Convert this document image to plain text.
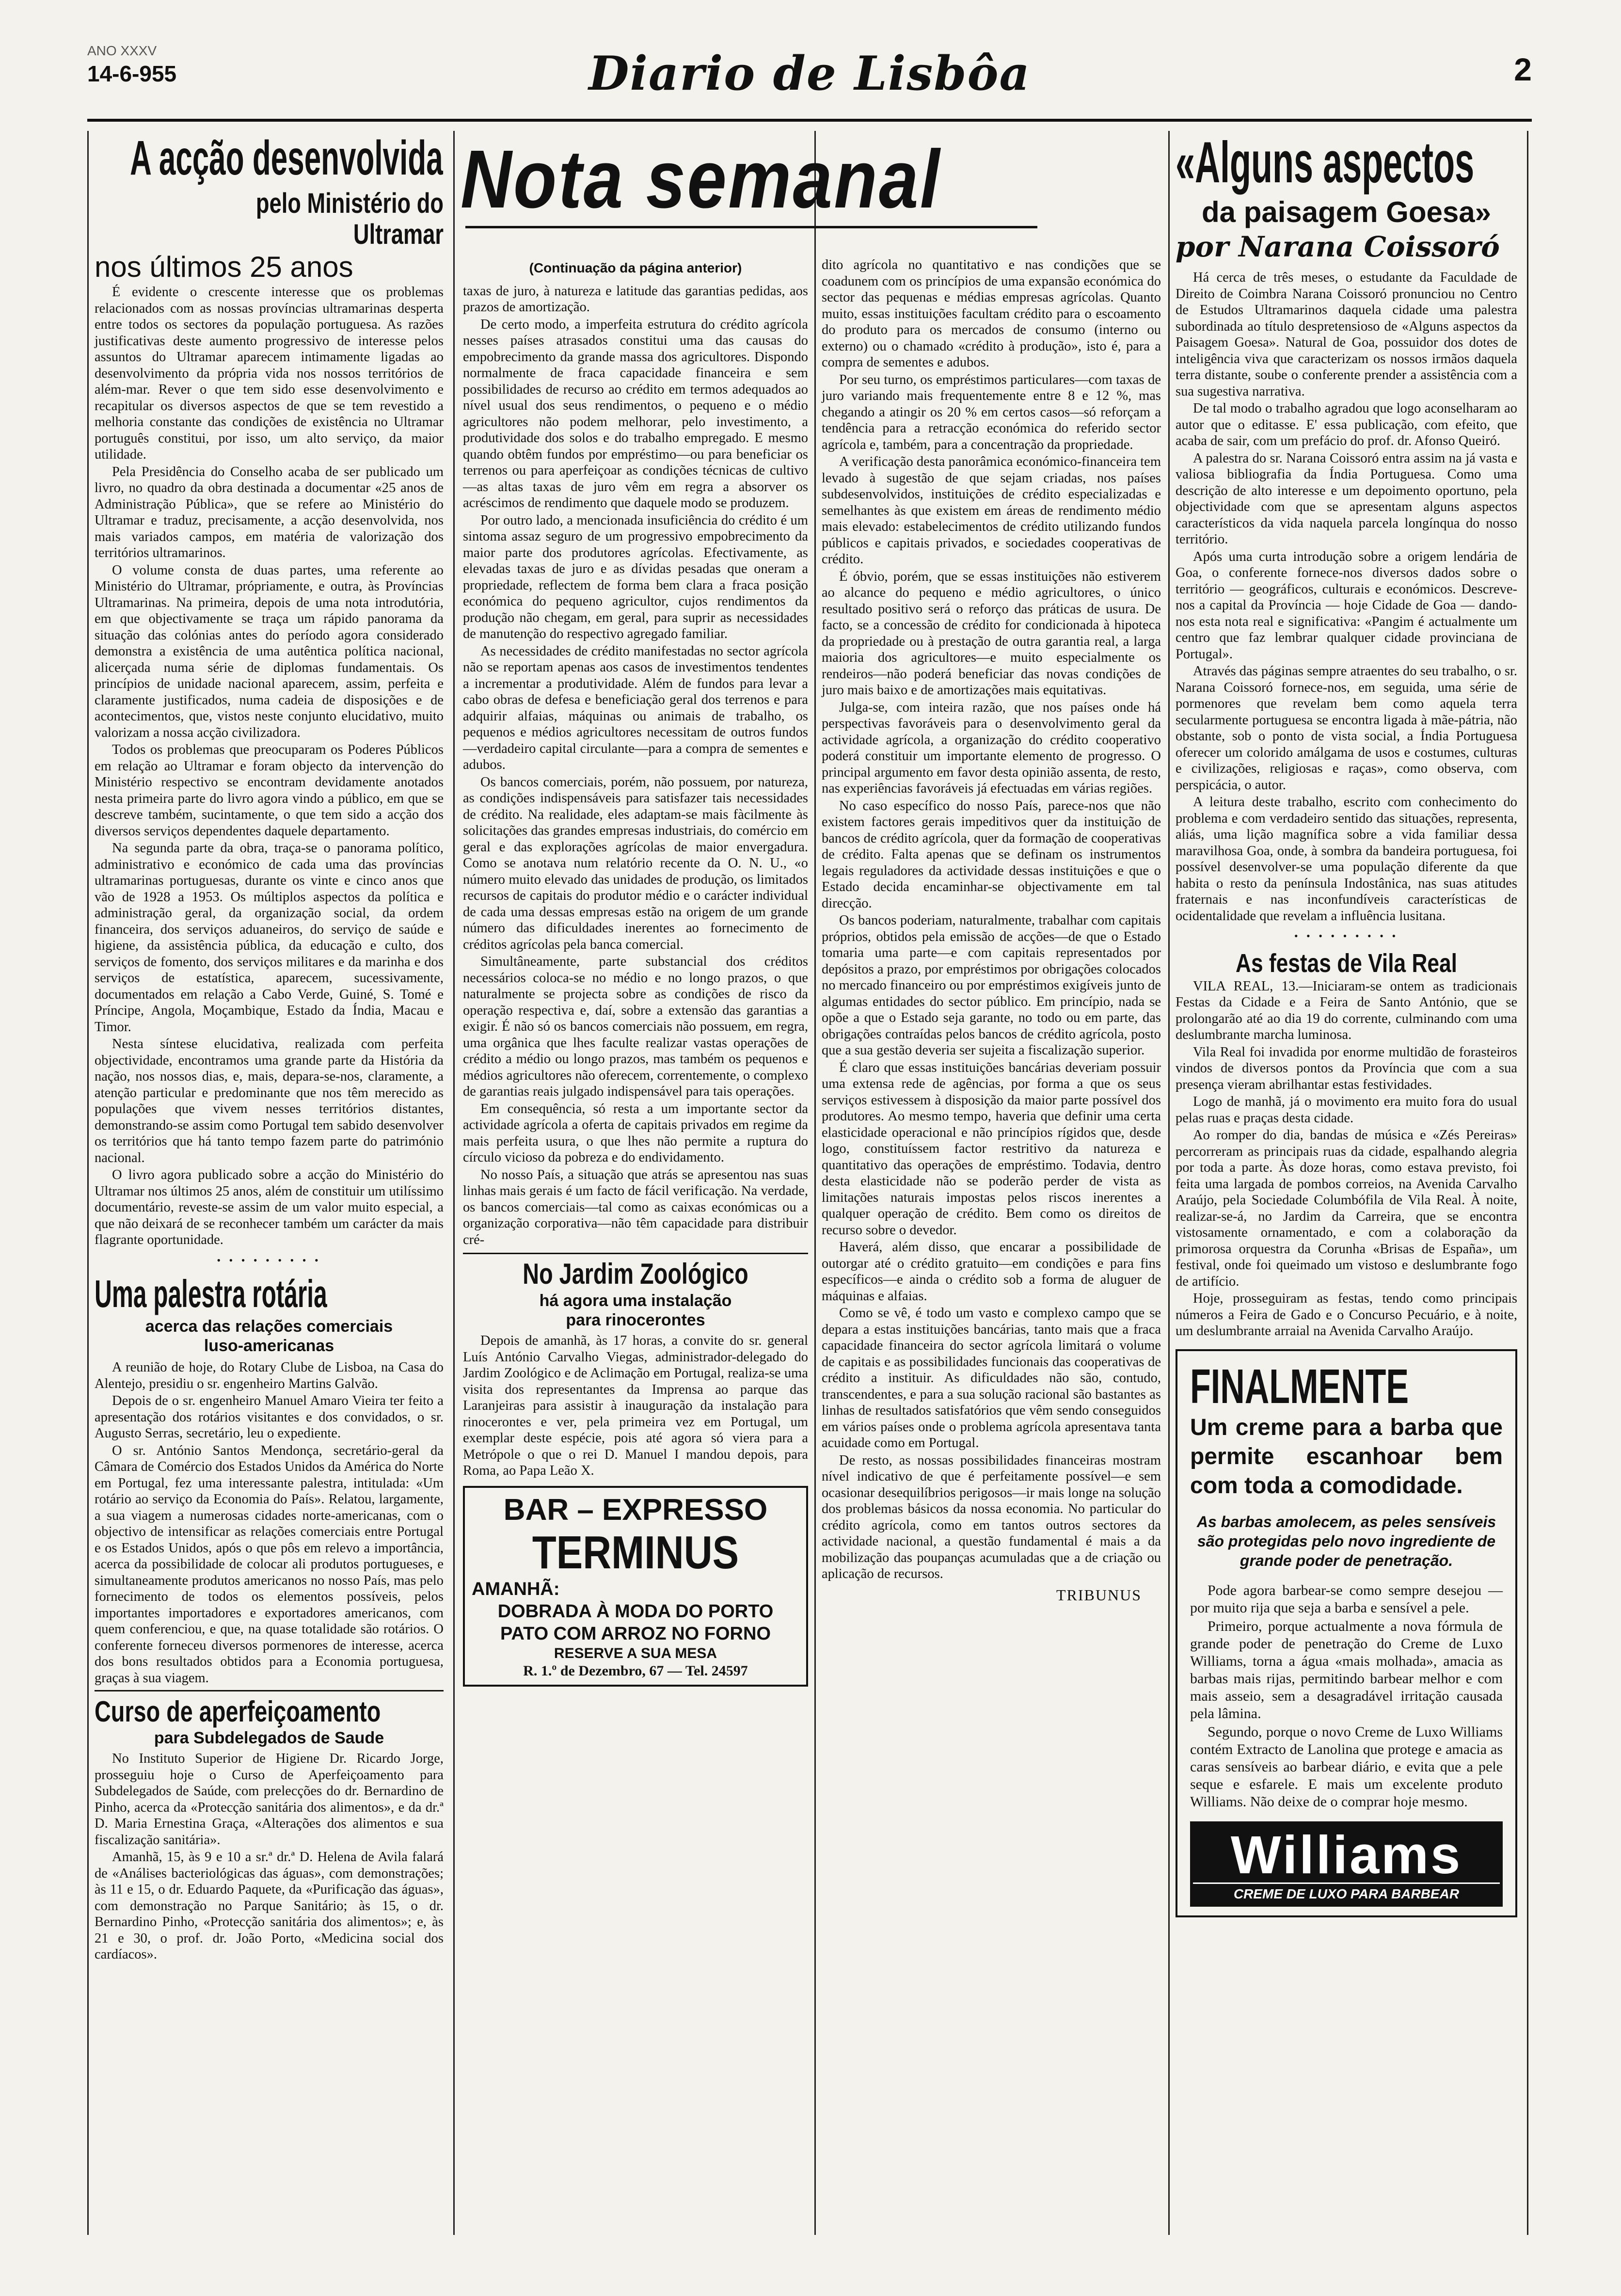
ANO XXXV
14-6-955	Diario de Lisbôa	2
A acção desenvolvida
pelo Ministério do Ultramar
nos últimos 25 anos

É evidente o crescente interesse que os problemas relacionados com as nossas províncias ultramarinas desperta entre todos os sectores da população portuguesa. As razões justificativas deste aumento progressivo de interesse pelos assuntos do Ultramar aparecem intimamente ligadas ao desenvolvimento da própria vida nos nossos territórios de além-mar. Rever o que tem sido esse desenvolvimento e recapitular os diversos aspectos de que se tem revestido a melhoria constante das condições de existência no Ultramar português constitui, por isso, um alto serviço, da maior utilidade.

Pela Presidência do Conselho acaba de ser publicado um livro, no quadro da obra destinada a documentar «25 anos de Administração Pública», que se refere ao Ministério do Ultramar e traduz, precisamente, a acção desenvolvida, nos mais variados campos, em matéria de valorização dos territórios ultramarinos.

O volume consta de duas partes, uma referente ao Ministério do Ultramar, própriamente, e outra, às Províncias Ultramarinas. Na primeira, depois de uma nota introdutória, em que objectivamente se traça um rápido panorama da situação das colónias antes do período agora considerado demonstra a existência de uma autêntica política nacional, alicerçada numa série de diplomas fundamentais. Os princípios de unidade nacional aparecem, assim, perfeita e claramente justificados, numa cadeia de disposições e de acontecimentos, que, vistos neste conjunto elucidativo, muito valorizam a nossa acção civilizadora.

Todos os problemas que preocuparam os Poderes Públicos em relação ao Ultramar e foram objecto da intervenção do Ministério respectivo se encontram devidamente anotados nesta primeira parte do livro agora vindo a público, em que se descreve também, sucintamente, o que tem sido a acção dos diversos serviços dependentes daquele departamento.

Na segunda parte da obra, traça-se o panorama político, administrativo e económico de cada uma das províncias ultramarinas portuguesas, durante os vinte e cinco anos que vão de 1928 a 1953. Os múltiplos aspectos da política e administração geral, da organização social, da ordem financeira, dos serviços aduaneiros, do serviço de saúde e higiene, da assistência pública, da educação e culto, dos serviços de fomento, dos serviços militares e da marinha e dos serviços de estatística, aparecem, sucessivamente, documentados em relação a Cabo Verde, Guiné, S. Tomé e Príncipe, Angola, Moçambique, Estado da Índia, Macau e Timor.

Nesta síntese elucidativa, realizada com perfeita objectividade, encontramos uma grande parte da História da nação, nos nossos dias, e, mais, depara-se-nos, claramente, a atenção particular e predominante que nos têm merecido as populações que vivem nesses territórios distantes, demonstrando-se assim como Portugal tem sabido desenvolver os territórios que há tanto tempo fazem parte do património nacional.

O livro agora publicado sobre a acção do Ministério do Ultramar nos últimos 25 anos, além de constituir um utilíssimo documentário, reveste-se assim de um valor muito especial, a que não deixará de se reconhecer também um carácter da mais flagrante oportunidade.

• • • • • • • • •
Uma palestra rotária
acerca das relações comerciais
luso-americanas

A reunião de hoje, do Rotary Clube de Lisboa, na Casa do Alentejo, presidiu o sr. engenheiro Martins Galvão.

Depois de o sr. engenheiro Manuel Amaro Vieira ter feito a apresentação dos rotários visitantes e dos convidados, o sr. Augusto Serras, secretário, leu o expediente.

O sr. António Santos Mendonça, secretário-geral da Câmara de Comércio dos Estados Unidos da América do Norte em Portugal, fez uma interessante palestra, intitulada: «Um rotário ao serviço da Economia do País». Relatou, largamente, a sua viagem a numerosas cidades norte-americanas, com o objectivo de intensificar as relações comerciais entre Portugal e os Estados Unidos, após o que pôs em relevo a importância, acerca da possibilidade de colocar ali produtos portugueses, e simultaneamente produtos americanos no nosso País, mas pelo fornecimento de todos os elementos possíveis, pelos importantes importadores e exportadores americanos, com quem conferenciou, e que, na quase totalidade são rotários. O conferente forneceu diversos pormenores de interesse, acerca dos bons resultados obtidos para a Economia portuguesa, graças à sua viagem.

Curso de aperfeiçoamento
para Subdelegados de Saude

No Instituto Superior de Higiene Dr. Ricardo Jorge, prosseguiu hoje o Curso de Aperfeiçoamento para Subdelegados de Saúde, com prelecções do dr. Bernardino de Pinho, acerca da «Protecção sanitária dos alimentos», e da dr.ª D. Maria Ernestina Graça, «Alterações dos alimentos e sua fiscalização sanitária».

Amanhã, 15, às 9 e 10 a sr.ª dr.ª D. Helena de Avila falará de «Análises bacteriológicas das águas», com demonstrações; às 11 e 15, o dr. Eduardo Paquete, da «Purificação das águas», com demonstração no Parque Sanitário; às 15, o dr. Bernardino Pinho, «Protecção sanitária dos alimentos»; e, às 21 e 30, o prof. dr. João Porto, «Medicina social dos cardíacos».

Nota semanal
(Continuação da página anterior)

taxas de juro, à natureza e latitude das garantias pedidas, aos prazos de amortização.

De certo modo, a imperfeita estrutura do crédito agrícola nesses países atrasados constitui uma das causas do empobrecimento da grande massa dos agricultores. Dispondo normalmente de fraca capacidade financeira e sem possibilidades de recurso ao crédito em termos adequados ao nível usual dos seus rendimentos, o pequeno e o médio agricultores não podem melhorar, pelo investimento, a produtividade dos solos e do trabalho empregado. E mesmo quando obtêm fundos por empréstimo—ou para beneficiar os terrenos ou para aperfeiçoar as condições técnicas de cultivo—as altas taxas de juro vêm em regra a absorver os acréscimos de rendimento que daquele modo se produzem.

Por outro lado, a mencionada insuficiência do crédito é um sintoma assaz seguro de um progressivo empobrecimento da maior parte dos produtores agrícolas. Efectivamente, as elevadas taxas de juro e as dívidas pesadas que oneram a propriedade, reflectem de forma bem clara a fraca posição económica do pequeno agricultor, cujos rendimentos da produção não chegam, em geral, para suprir as necessidades de manutenção do respectivo agregado familiar.

As necessidades de crédito manifestadas no sector agrícola não se reportam apenas aos casos de investimentos tendentes a incrementar a produtividade. Além de fundos para levar a cabo obras de defesa e beneficiação geral dos terrenos e para adquirir alfaias, máquinas ou animais de trabalho, os pequenos e médios agricultores necessitam de outros fundos—verdadeiro capital circulante—para a compra de sementes e adubos.

Os bancos comerciais, porém, não possuem, por natureza, as condições indispensáveis para satisfazer tais necessidades de crédito. Na realidade, eles adaptam-se mais fàcilmente às solicitações das grandes empresas industriais, do comércio em geral e das explorações agrícolas de maior envergadura. Como se anotava num relatório recente da O. N. U., «o número muito elevado das unidades de produção, os limitados recursos de capitais do produtor médio e o carácter individual de cada uma dessas empresas estão na origem de um grande número das dificuldades inerentes ao fornecimento de créditos agrícolas pela banca comercial.

Simultâneamente, parte substancial dos créditos necessários coloca-se no médio e no longo prazos, o que naturalmente se projecta sobre as condições de risco da operação respectiva e, daí, sobre a extensão das garantias a exigir. É não só os bancos comerciais não possuem, em regra, uma orgânica que lhes faculte realizar vastas operações de crédito a médio ou longo prazos, mas também os pequenos e médios agricultores não oferecem, correntemente, o complexo de garantias reais julgado indispensável para tais operações.

Em consequência, só resta a um importante sector da actividade agrícola a oferta de capitais privados em regime da mais perfeita usura, o que lhes não permite a ruptura do círculo vicioso da pobreza e do endividamento.

No nosso País, a situação que atrás se apresentou nas suas linhas mais gerais é um facto de fácil verificação. Na verdade, os bancos comerciais—tal como as caixas económicas ou a organização corporativa—não têm capacidade para distribuir cré-

No Jardim Zoológico
há agora uma instalação
para rinocerontes

Depois de amanhã, às 17 horas, a convite do sr. general Luís António Carvalho Viegas, administrador-delegado do Jardim Zoológico e de Aclimação em Portugal, realiza-se uma visita dos representantes da Imprensa ao parque das Laranjeiras para assistir à inauguração da instalação para rinocerontes e ver, pela primeira vez em Portugal, um exemplar deste espécie, pois até agora só viera para a Metrópole o que o rei D. Manuel I mandou depois, para Roma, ao Papa Leão X.

BAR – EXPRESSO
TERMINUS
AMANHÃ:
DOBRADA À MODA DO PORTO
PATO COM ARROZ NO FORNO
RESERVE A SUA MESA
R. 1.º de Dezembro, 67 — Tel. 24597

dito agrícola no quantitativo e nas condições que se coadunem com os princípios de uma expansão económica do sector das pequenas e médias empresas agrícolas. Quanto muito, essas instituições facultam crédito para o escoamento do produto para os mercados de consumo (interno ou externo) ou o chamado «crédito à produção», isto é, para a compra de sementes e adubos.

Por seu turno, os empréstimos particulares—com taxas de juro variando mais frequentemente entre 8 e 12 %, mas chegando a atingir os 20 % em certos casos—só reforçam a tendência para a retracção económica do referido sector agrícola e, também, para a concentração da propriedade.

A verificação desta panorâmica económico-financeira tem levado à sugestão de que sejam criadas, nos países subdesenvolvidos, instituições de crédito especializadas e semelhantes às que existem em áreas de rendimento médio mais elevado: estabelecimentos de crédito utilizando fundos públicos e capitais privados, e sociedades cooperativas de crédito.

É óbvio, porém, que se essas instituições não estiverem ao alcance do pequeno e médio agricultores, o único resultado positivo será o reforço das práticas de usura. De facto, se a concessão de crédito for condicionada à hipoteca da propriedade ou à prestação de outra garantia real, a larga maioria dos agricultores—e muito especialmente os rendeiros—não poderá beneficiar das novas condições de juro mais baixo e de amortizações mais equitativas.

Julga-se, com inteira razão, que nos países onde há perspectivas favoráveis para o desenvolvimento geral da actividade agrícola, a organização do crédito cooperativo poderá constituir um importante elemento de progresso. O principal argumento em favor desta opinião assenta, de resto, nas experiências favoráveis já efectuadas em várias regiões.

No caso específico do nosso País, parece-nos que não existem factores gerais impeditivos quer da instituição de bancos de crédito agrícola, quer da formação de cooperativas de crédito. Falta apenas que se definam os instrumentos legais reguladores da actividade dessas instituições e que o Estado decida encaminhar-se objectivamente em tal direcção.

Os bancos poderiam, naturalmente, trabalhar com capitais próprios, obtidos pela emissão de acções—de que o Estado tomaria uma parte—e com capitais representados por depósitos a prazo, por empréstimos por obrigações colocados no mercado financeiro ou por empréstimos exigíveis junto de algumas entidades do sector público. Em princípio, nada se opõe a que o Estado seja garante, no todo ou em parte, das obrigações contraídas pelos bancos de crédito agrícola, posto que a sua gestão deveria ser sujeita a fiscalização superior.

É claro que essas instituições bancárias deveriam possuir uma extensa rede de agências, por forma a que os seus serviços estivessem à disposição da maior parte possível dos produtores. Ao mesmo tempo, haveria que definir uma certa elasticidade operacional e não princípios rígidos que, desde logo, constituíssem factor restritivo da natureza e quantitativo das operações de empréstimo. Todavia, dentro desta elasticidade não se poderão perder de vista as limitações naturais impostas pelos riscos inerentes a qualquer operação de crédito. Bem como os direitos de recurso sobre o devedor.

Haverá, além disso, que encarar a possibilidade de outorgar até o crédito gratuito—em condições e para fins específicos—e ainda o crédito sob a forma de aluguer de máquinas e alfaias.

Como se vê, é todo um vasto e complexo campo que se depara a estas instituições bancárias, tanto mais que a fraca capacidade financeira do sector agrícola limitará o volume de capitais e as possibilidades funcionais das cooperativas de crédito a instituir. As dificuldades não são, contudo, transcendentes, e para a sua solução racional são bastantes as linhas de resultados satisfatórios que vêm sendo conseguidos em vários países onde o problema agrícola apresentava tanta acuidade como em Portugal.

De resto, as nossas possibilidades financeiras mostram nível indicativo de que é perfeitamente possível—e sem ocasionar desequilíbrios perigosos—ir mais longe na solução dos problemas básicos da nossa economia. No particular do crédito agrícola, como em tantos outros sectores da actividade nacional, a questão fundamental é mais a da mobilização das poupanças acumuladas que a de criação ou aplicação de recursos.

TRIBUNUS
«Alguns aspectos
da paisagem Goesa»
por Narana Coissoró

Há cerca de três meses, o estudante da Faculdade de Direito de Coimbra Narana Coissoró pronunciou no Centro de Estudos Ultramarinos daquela cidade uma palestra subordinada ao título despretensioso de «Alguns aspectos da Paisagem Goesa». Natural de Goa, possuidor dos dotes de inteligência viva que caracterizam os nossos irmãos daquela terra distante, soube o conferente prender a assistência com a sua sugestiva narrativa.

De tal modo o trabalho agradou que logo aconselharam ao autor que o editasse. E' essa publicação, com efeito, que acaba de sair, com um prefácio do prof. dr. Afonso Queiró.

A palestra do sr. Narana Coissoró entra assim na já vasta e valiosa bibliografia da Índia Portuguesa. Como uma descrição de alto interesse e um depoimento oportuno, pela objectividade com que se apresentam alguns aspectos característicos da vida naquela parcela longínqua do nosso território.

Após uma curta introdução sobre a origem lendária de Goa, o conferente fornece-nos diversos dados sobre o território — geográficos, culturais e económicos. Descreve-nos a capital da Província — hoje Cidade de Goa — dando-nos esta nota real e significativa: «Pangim é actualmente um centro que faz lembrar qualquer cidade provinciana de Portugal».

Através das páginas sempre atraentes do seu trabalho, o sr. Narana Coissoró fornece-nos, em seguida, uma série de pormenores que revelam bem como aquela terra secularmente portuguesa se encontra ligada à mãe-pátria, não obstante, sob o ponto de vista social, a Índia Portuguesa oferecer um colorido amálgama de usos e costumes, culturas e civilizações, religiosas e raças», como observa, com perspicácia, o autor.

A leitura deste trabalho, escrito com conhecimento do problema e com verdadeiro sentido das situações, representa, aliás, uma lição magnífica sobre a vida familiar dessa maravilhosa Goa, onde, à sombra da bandeira portuguesa, foi possível desenvolver-se uma população diferente da que habita o resto da península Indostânica, nas suas atitudes fraternais e nas inconfundíveis características de ocidentalidade que revelam a influência lusitana.

• • • • • • • • •
As festas de Vila Real

VILA REAL, 13.—Iniciaram-se ontem as tradicionais Festas da Cidade e a Feira de Santo António, que se prolongarão até ao dia 19 do corrente, culminando com uma deslumbrante marcha luminosa.

Vila Real foi invadida por enorme multidão de forasteiros vindos de diversos pontos da Província que com a sua presença vieram abrilhantar estas festividades.

Logo de manhã, já o movimento era muito fora do usual pelas ruas e praças desta cidade.

Ao romper do dia, bandas de música e «Zés Pereiras» percorreram as principais ruas da cidade, espalhando alegria por toda a parte. Às doze horas, como estava previsto, foi feita uma largada de pombos correios, na Avenida Carvalho Araújo, pela Sociedade Columbófila de Vila Real. À noite, realizar-se-á, no Jardim da Carreira, que se encontra vistosamente ornamentado, e com a colaboração da primorosa orquestra da Corunha «Brisas de España», um festival, onde foi queimado um vistoso e deslumbrante fogo de artifício.

Hoje, prosseguiram as festas, tendo como principais números a Feira de Gado e o Concurso Pecuário, e à noite, um deslumbrante arraial na Avenida Carvalho Araújo.

FINALMENTE
Um creme para a barba que permite escanhoar bem com toda a comodidade.
As barbas amolecem, as peles sensíveis são protegidas pelo novo ingrediente de grande poder de penetração.

Pode agora barbear-se como sempre desejou — por muito rija que seja a barba e sensível a pele.

Primeiro, porque actualmente a nova fórmula de grande poder de penetração do Creme de Luxo Williams, torna a água «mais molhada», amacia as barbas mais rijas, permitindo barbear melhor e com mais asseio, sem a desagradável irritação causada pela lâmina.

Segundo, porque o novo Creme de Luxo Williams contém Extracto de Lanolina que protege e amacia as caras sensíveis ao barbear diário, e evita que a pele seque e esfarele. E mais um excelente produto Williams. Não deixe de o comprar hoje mesmo.

Williams
CREME DE LUXO PARA BARBEAR
